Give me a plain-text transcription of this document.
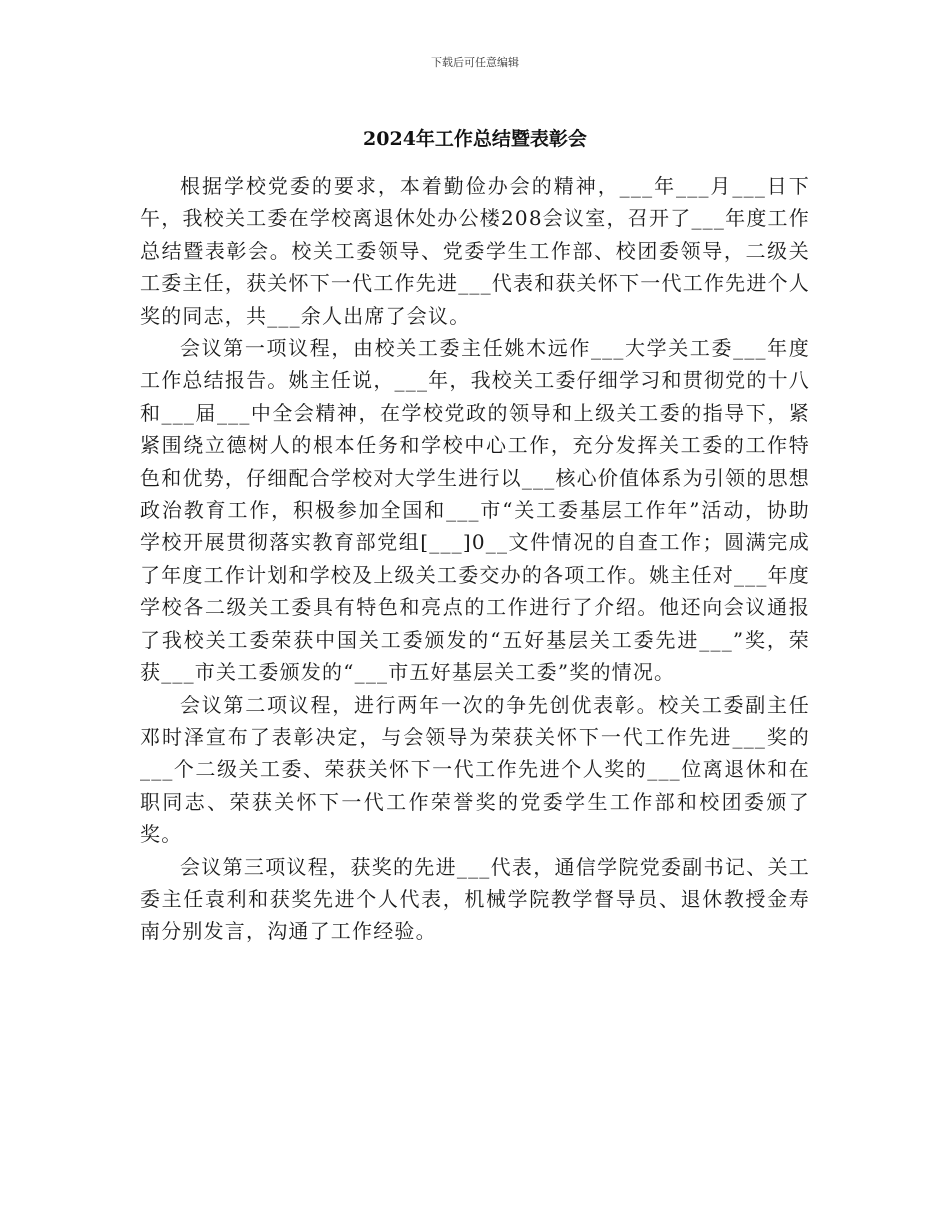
下载后可任意编辑
2024年工作总结暨表彰会

根据学校党委的要求，本着勤俭办会的精神，___年___月___日下午，我校关工委在学校离退休处办公楼208会议室，召开了___年度工作总结暨表彰会。校关工委领导、党委学生工作部、校团委领导，二级关工委主任，获关怀下一代工作先进___代表和获关怀下一代工作先进个人奖的同志，共___余人出席了会议。

会议第一项议程，由校关工委主任姚木远作___大学关工委___年度工作总结报告。姚主任说，___年，我校关工委仔细学习和贯彻党的十八和___届___中全会精神，在学校党政的领导和上级关工委的指导下，紧紧围绕立德树人的根本任务和学校中心工作，充分发挥关工委的工作特色和优势，仔细配合学校对大学生进行以___核心价值体系为引领的思想政治教育工作，积极参加全国和___市“关工委基层工作年”活动，协助学校开展贯彻落实教育部党组[___]0__文件情况的自查工作；圆满完成了年度工作计划和学校及上级关工委交办的各项工作。姚主任对___年度学校各二级关工委具有特色和亮点的工作进行了介绍。他还向会议通报了我校关工委荣获中国关工委颁发的“五好基层关工委先进___”奖，荣获___市关工委颁发的“___市五好基层关工委”奖的情况。

会议第二项议程，进行两年一次的争先创优表彰。校关工委副主任邓时泽宣布了表彰决定，与会领导为荣获关怀下一代工作先进___奖的___个二级关工委、荣获关怀下一代工作先进个人奖的___位离退休和在职同志、荣获关怀下一代工作荣誉奖的党委学生工作部和校团委颁了奖。

会议第三项议程，获奖的先进___代表，通信学院党委副书记、关工委主任袁利和获奖先进个人代表，机械学院教学督导员、退休教授金寿南分别发言，沟通了工作经验。
